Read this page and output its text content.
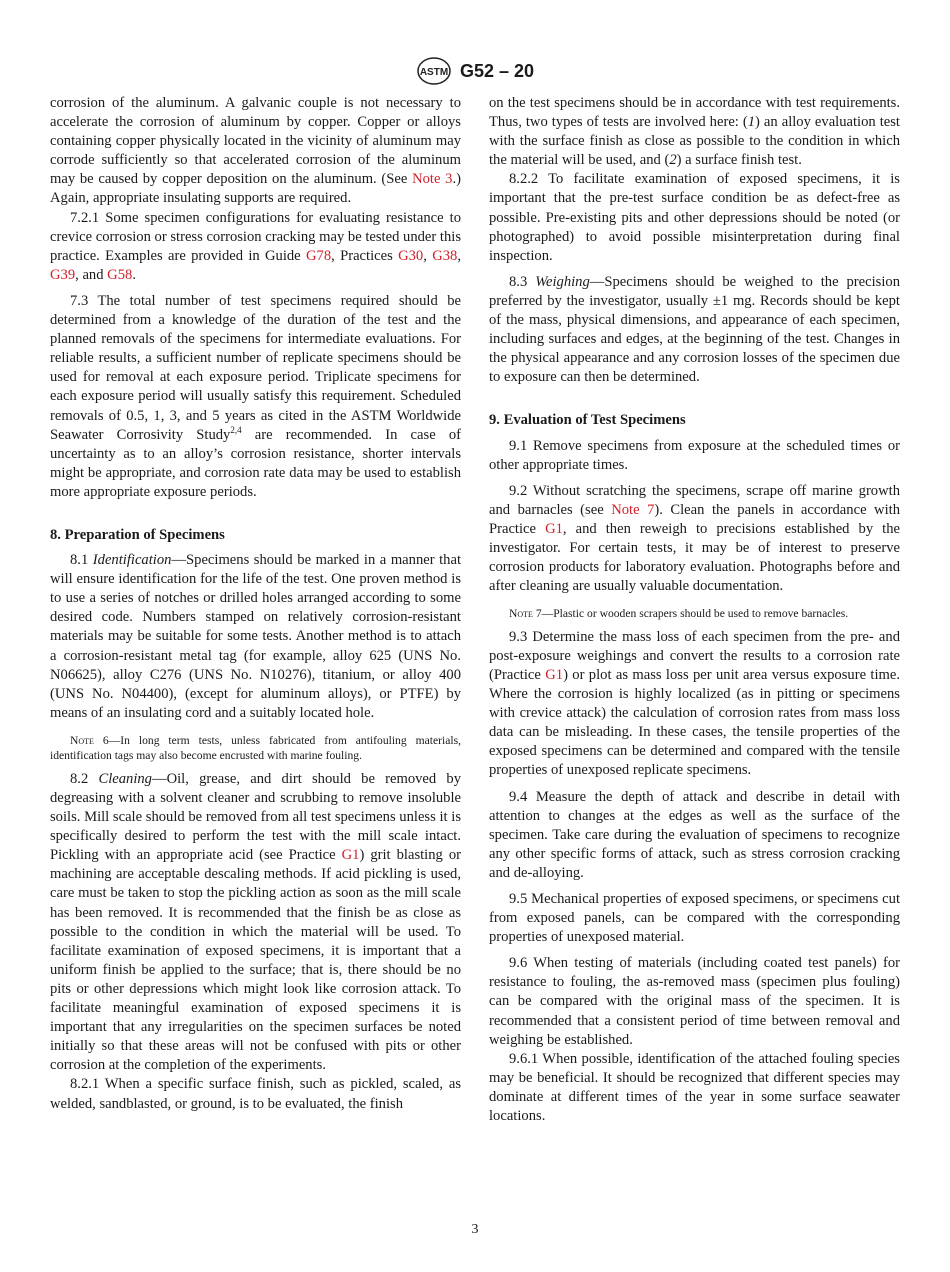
ASTM G52 – 20

corrosion of the aluminum. A galvanic couple is not necessary to accelerate the corrosion of aluminum by copper. Copper or alloys containing copper physically located in the vicinity of aluminum may corrode sufficiently so that accelerated corrosion of the aluminum may be caused by copper deposition on the aluminum. (See Note 3.) Again, appropriate insulating supports are required.

7.2.1 Some specimen configurations for evaluating resistance to crevice corrosion or stress corrosion cracking may be tested under this practice. Examples are provided in Guide G78, Practices G30, G38, G39, and G58.

7.3 The total number of test specimens required should be determined from a knowledge of the duration of the test and the planned removals of the specimens for intermediate evaluations. For reliable results, a sufficient number of replicate specimens should be used for removal at each exposure period. Triplicate specimens for each exposure period will usually satisfy this requirement. Scheduled removals of 0.5, 1, 3, and 5 years as cited in the ASTM Worldwide Seawater Corrosivity Study$^{2,4}$ are recommended. In case of uncertainty as to an alloy’s corrosion resistance, shorter intervals might be appropriate, and corrosion rate data may be used to establish more appropriate exposure periods.

8. Preparation of Specimens

8.1 Identification—Specimens should be marked in a manner that will ensure identification for the life of the test. One proven method is to use a series of notches or drilled holes arranged according to some desired code. Numbers stamped on relatively corrosion-resistant materials may be suitable for some tests. Another method is to attach a corrosion-resistant metal tag (for example, alloy 625 (UNS No. N06625), alloy C276 (UNS No. N10276), titanium, or alloy 400 (UNS No. N04400), (except for aluminum alloys), or PTFE) by means of an insulating cord and a suitably located hole.

Note 6—In long term tests, unless fabricated from antifouling materials, identification tags may also become encrusted with marine fouling.

8.2 Cleaning—Oil, grease, and dirt should be removed by degreasing with a solvent cleaner and scrubbing to remove insoluble soils. Mill scale should be removed from all test specimens unless it is specifically desired to perform the test with the mill scale intact. Pickling with an appropriate acid (see Practice G1) grit blasting or machining are acceptable descaling methods. If acid pickling is used, care must be taken to stop the pickling action as soon as the mill scale has been removed. It is recommended that the finish be as close as possible to the condition in which the material will be used. To facilitate examination of exposed specimens, it is important that a uniform finish be applied to the surface; that is, there should be no pits or other depressions which might look like corrosion attack. To facilitate meaningful examination of exposed specimens it is important that any irregularities on the specimen surfaces be noted initially so that these areas will not be confused with pits or other corrosion at the completion of the experiments.

8.2.1 When a specific surface finish, such as pickled, scaled, as welded, sandblasted, or ground, is to be evaluated, the finish

on the test specimens should be in accordance with test requirements. Thus, two types of tests are involved here: (1) an alloy evaluation test with the surface finish as close as possible to the condition in which the material will be used, and (2) a surface finish test.

8.2.2 To facilitate examination of exposed specimens, it is important that the pre-test surface condition be as defect-free as possible. Pre-existing pits and other depressions should be noted (or photographed) to avoid possible misinterpretation during final inspection.

8.3 Weighing—Specimens should be weighed to the precision preferred by the investigator, usually ±1 mg. Records should be kept of the mass, physical dimensions, and appearance of each specimen, including surfaces and edges, at the beginning of the test. Changes in the physical appearance and any corrosion losses of the specimen due to exposure can then be determined.

9. Evaluation of Test Specimens

9.1 Remove specimens from exposure at the scheduled times or other appropriate times.

9.2 Without scratching the specimens, scrape off marine growth and barnacles (see Note 7). Clean the panels in accordance with Practice G1, and then reweigh to precisions established by the investigator. For certain tests, it may be of interest to preserve corrosion products for laboratory evaluation. Photographs before and after cleaning are usually valuable documentation.

Note 7—Plastic or wooden scrapers should be used to remove barnacles.

9.3 Determine the mass loss of each specimen from the pre- and post-exposure weighings and convert the results to a corrosion rate (Practice G1) or plot as mass loss per unit area versus exposure time. Where the corrosion is highly localized (as in pitting or specimens with crevice attack) the calculation of corrosion rates from mass loss data can be misleading. In these cases, the tensile properties of the exposed specimens can be determined and compared with the tensile properties of unexposed replicate specimens.

9.4 Measure the depth of attack and describe in detail with attention to changes at the edges as well as the surface of the specimen. Take care during the evaluation of specimens to recognize any other specific forms of attack, such as stress corrosion cracking and de-alloying.

9.5 Mechanical properties of exposed specimens, or specimens cut from exposed panels, can be compared with the corresponding properties of unexposed material.

9.6 When testing of materials (including coated test panels) for resistance to fouling, the as-removed mass (specimen plus fouling) can be compared with the original mass of the specimen. It is recommended that a consistent period of time between removal and weighing be established.

9.6.1 When possible, identification of the attached fouling species may be beneficial. It should be recognized that different species may dominate at different times of the year in some surface seawater locations.

3
